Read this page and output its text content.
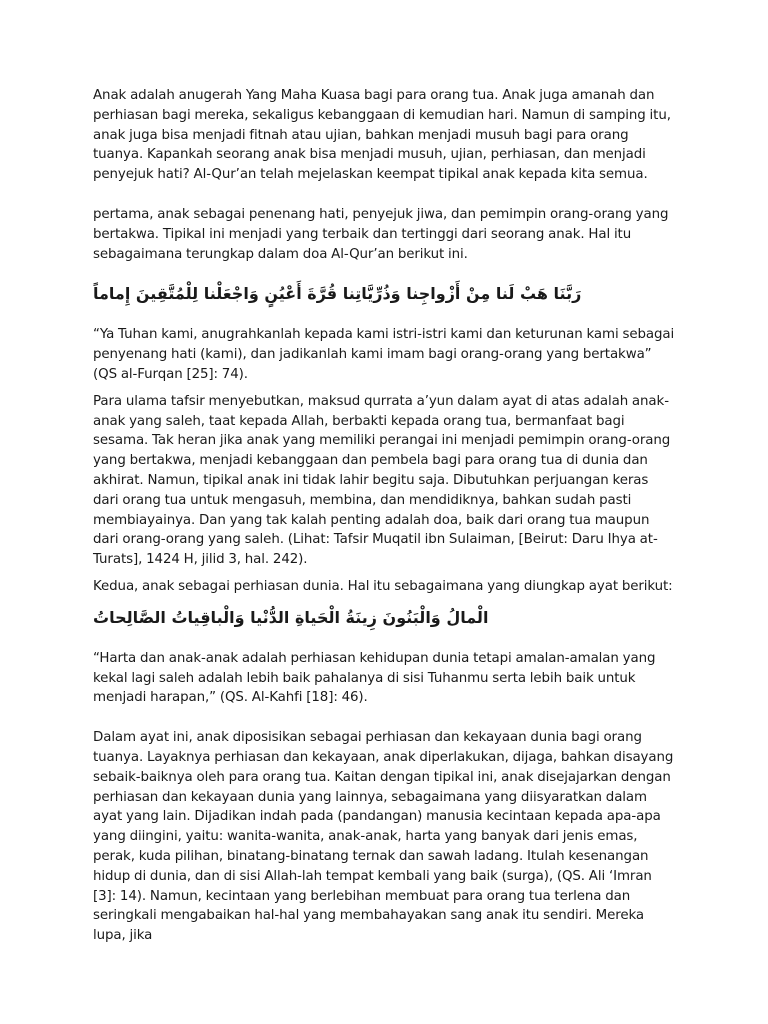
Anak adalah anugerah Yang Maha Kuasa bagi para orang tua. Anak juga amanah dan perhiasan bagi mereka, sekaligus kebanggaan di kemudian hari. Namun di samping itu, anak juga bisa menjadi fitnah atau ujian, bahkan menjadi musuh bagi para orang tuanya. Kapankah seorang anak bisa menjadi musuh, ujian, perhiasan, dan menjadi penyejuk hati? Al-Qur’an telah mejelaskan keempat tipikal anak kepada kita semua.

pertama, anak sebagai penenang hati, penyejuk jiwa, dan pemimpin orang-orang yang bertakwa. Tipikal ini menjadi yang terbaik dan tertinggi dari seorang anak. Hal itu sebagaimana terungkap dalam doa Al-Qur’an berikut ini.

رَبَّنَا هَبْ لَنا مِنْ أَزْواجِنا وَذُرِّيَّاتِنا قُرَّةَ أَعْيُنٍ وَاجْعَلْنا لِلْمُتَّقِينَ إِماماً

“Ya Tuhan kami, anugrahkanlah kepada kami istri-istri kami dan keturunan kami sebagai penyenang hati (kami), dan jadikanlah kami imam bagi orang-orang yang bertakwa” (QS al-Furqan [25]: 74).

Para ulama tafsir menyebutkan, maksud qurrata a’yun dalam ayat di atas adalah anak-anak yang saleh, taat kepada Allah, berbakti kepada orang tua, bermanfaat bagi sesama. Tak heran jika anak yang memiliki perangai ini menjadi pemimpin orang-orang yang bertakwa, menjadi kebanggaan dan pembela bagi para orang tua di dunia dan akhirat. Namun, tipikal anak ini tidak lahir begitu saja. Dibutuhkan perjuangan keras dari orang tua untuk mengasuh, membina, dan mendidiknya, bahkan sudah pasti membiayainya. Dan yang tak kalah penting adalah doa, baik dari orang tua maupun dari orang-orang yang saleh. (Lihat: Tafsir Muqatil ibn Sulaiman, [Beirut: Daru Ihya at-Turats], 1424 H, jilid 3, hal. 242).

Kedua, anak sebagai perhiasan dunia. Hal itu sebagaimana yang diungkap ayat berikut:

الْمالُ وَالْبَنُونَ زِينَةُ الْحَياةِ الدُّنْيا وَالْباقِياتُ الصَّالِحاتُ

“Harta dan anak-anak adalah perhiasan kehidupan dunia tetapi amalan-amalan yang kekal lagi saleh adalah lebih baik pahalanya di sisi Tuhanmu serta lebih baik untuk menjadi harapan,” (QS. Al-Kahfi [18]: 46).

Dalam ayat ini, anak diposisikan sebagai perhiasan dan kekayaan dunia bagi orang tuanya. Layaknya perhiasan dan kekayaan, anak diperlakukan, dijaga, bahkan disayang sebaik-baiknya oleh para orang tua. Kaitan dengan tipikal ini, anak disejajarkan dengan perhiasan dan kekayaan dunia yang lainnya, sebagaimana yang diisyaratkan dalam ayat yang lain. Dijadikan indah pada (pandangan) manusia kecintaan kepada apa-apa yang diingini, yaitu: wanita-wanita, anak-anak, harta yang banyak dari jenis emas, perak, kuda pilihan, binatang-binatang ternak dan sawah ladang. Itulah kesenangan hidup di dunia, dan di sisi Allah-lah tempat kembali yang baik (surga), (QS. Ali ‘Imran [3]: 14). Namun, kecintaan yang berlebihan membuat para orang tua terlena dan seringkali mengabaikan hal-hal yang membahayakan sang anak itu sendiri. Mereka lupa, jika
